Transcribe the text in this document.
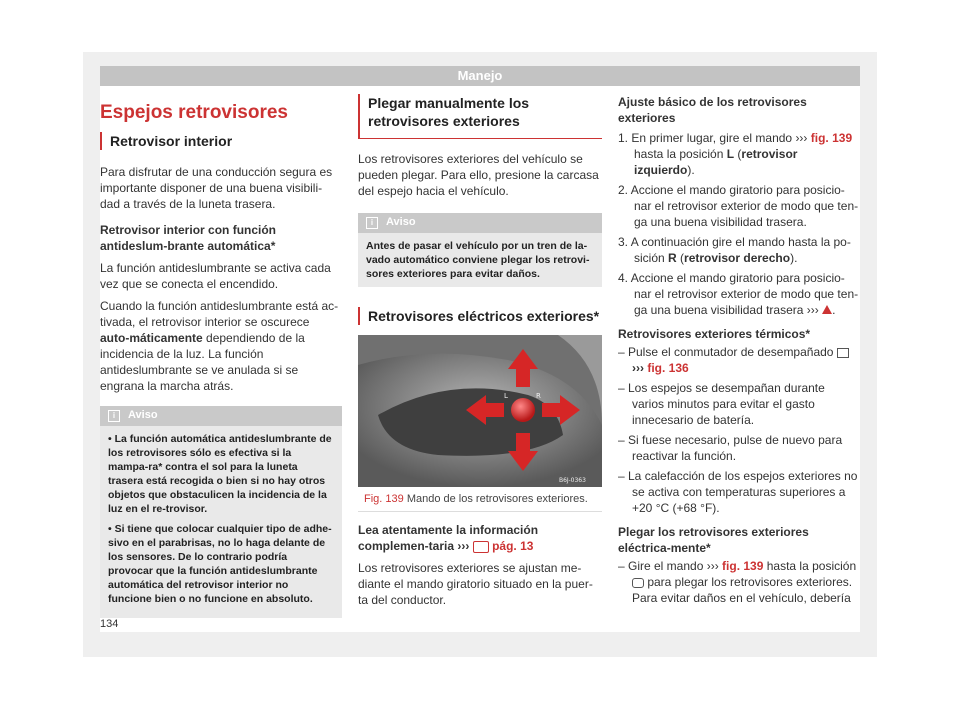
Manejo
Espejos retrovisores
Retrovisor interior

Para disfrutar de una conducción segura es importante disponer de una buena visibili-dad a través de la luneta trasera.

Retrovisor interior con función antideslum-brante automática*

La función antideslumbrante se activa cada vez que se conecta el encendido.

Cuando la función antideslumbrante está ac-tivada, el retrovisor interior se oscurece auto-máticamente dependiendo de la incidencia de la luz. La función antideslumbrante se ve anulada si se engrana la marcha atrás.

i Aviso
• La función automática antideslumbrante de los retrovisores sólo es efectiva si la mampa-ra* contra el sol para la luneta trasera está recogida o bien si no hay otros objetos que obstaculicen la incidencia de la luz en el re-trovisor.
• Si tiene que colocar cualquier tipo de adhe-sivo en el parabrisas, no lo haga delante de los sensores. De lo contrario podría provocar que la función antideslumbrante automática del retrovisor interior no funcione bien o no funcione en absoluto.
Plegar manualmente los retrovisores exteriores

Los retrovisores exteriores del vehículo se pueden plegar. Para ello, presione la carcasa del espejo hacia el vehículo.

i Aviso
Antes de pasar el vehículo por un tren de la-vado automático conviene plegar los retrovi-sores exteriores para evitar daños.
Retrovisores eléctricos exteriores*
L	R
B6J-0363
Fig. 139 Mando de los retrovisores exteriores.

Lea atentamente la información complemen-taria ››› pág. 13

Los retrovisores exteriores se ajustan me-diante el mando giratorio situado en la puer-ta del conductor.

Ajuste básico de los retrovisores exteriores

1. En primer lugar, gire el mando ››› fig. 139 hasta la posición L (retrovisor izquierdo).
2. Accione el mando giratorio para posicio-nar el retrovisor exterior de modo que ten-ga una buena visibilidad trasera.
3. A continuación gire el mando hasta la po-sición R (retrovisor derecho).
4. Accione el mando giratorio para posicio-nar el retrovisor exterior de modo que ten-ga una buena visibilidad trasera ››› .

Retrovisores exteriores térmicos*

– Pulse el conmutador de desempañado  ››› fig. 136
– Los espejos se desempañan durante varios minutos para evitar el gasto innecesario de batería.
– Si fuese necesario, pulse de nuevo para reactivar la función.
– La calefacción de los espejos exteriores no se activa con temperaturas superiores a +20 °C (+68 °F).

Plegar los retrovisores exteriores eléctrica-mente*

– Gire el mando ››› fig. 139 hasta la posición  para plegar los retrovisores exteriores. Para evitar daños en el vehículo, debería
134
